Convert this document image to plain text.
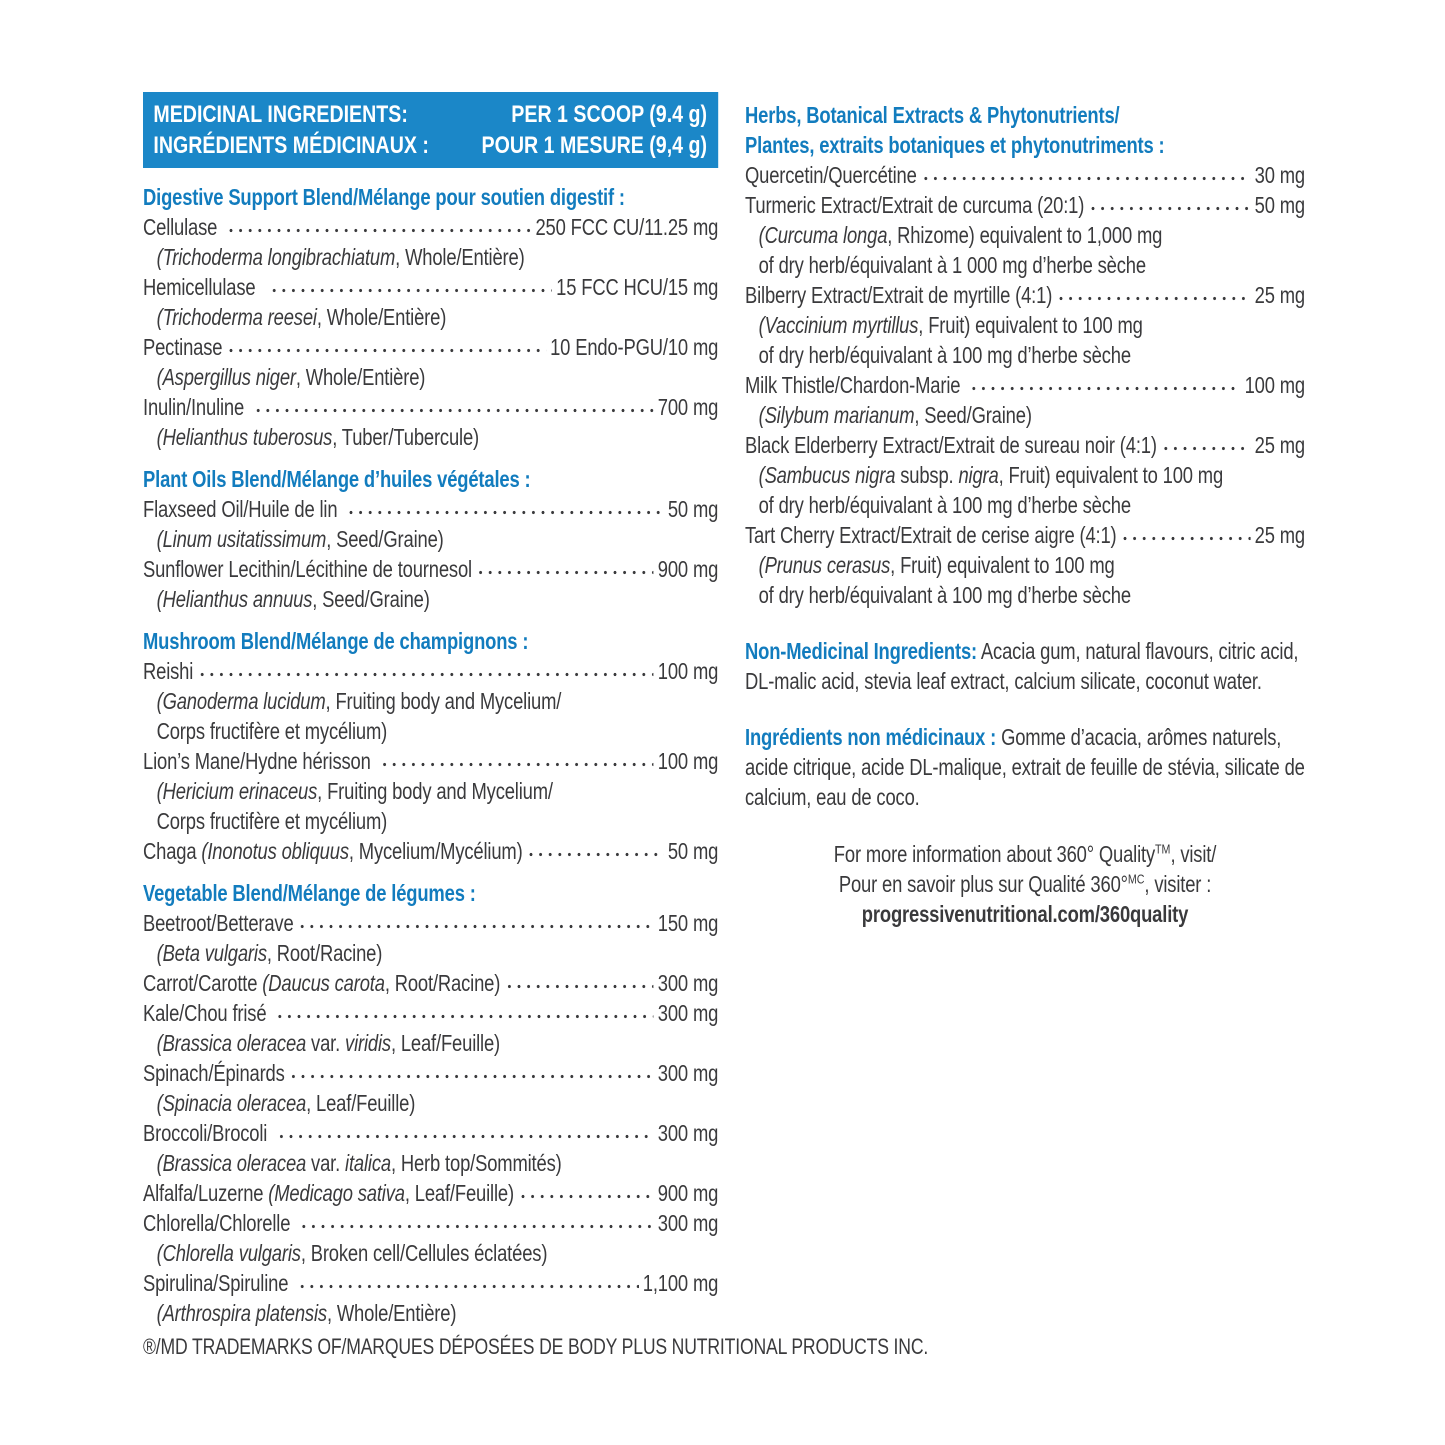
MEDICINAL INGREDIENTS:	PER 1 SCOOP (9.4 g)
INGRÉDIENTS MÉDICINAUX : POUR 1 MESURE (9,4 g)
Digestive Support Blend/Mélange pour soutien digestif :
Cellulase	250 FCC CU/11.25 mg
(Trichoderma longibrachiatum, Whole/Entière)
Hemicellulase	15 FCC HCU/15 mg
(Trichoderma reesei, Whole/Entière)
Pectinase	10 Endo-PGU/10 mg
(Aspergillus niger, Whole/Entière)
Inulin/Inuline	700 mg
(Helianthus tuberosus, Tuber/Tubercule)
Plant Oils Blend/Mélange d’huiles végétales :
Flaxseed Oil/Huile de lin	50 mg
(Linum usitatissimum, Seed/Graine)
Sunflower Lecithin/Lécithine de tournesol	900 mg
(Helianthus annuus, Seed/Graine)
Mushroom Blend/Mélange de champignons :
Reishi	100 mg
(Ganoderma lucidum, Fruiting body and Mycelium/
Corps fructifère et mycélium)
Lion’s Mane/Hydne hérisson	100 mg
(Hericium erinaceus, Fruiting body and Mycelium/
Corps fructifère et mycélium)
Chaga (Inonotus obliquus, Mycelium/Mycélium)	50 mg
Vegetable Blend/Mélange de légumes :
Beetroot/Betterave	150 mg
(Beta vulgaris, Root/Racine)
Carrot/Carotte (Daucus carota, Root/Racine)	300 mg
Kale/Chou frisé	300 mg
(Brassica oleracea var. viridis, Leaf/Feuille)
Spinach/Épinards	300 mg
(Spinacia oleracea, Leaf/Feuille)
Broccoli/Brocoli	300 mg
(Brassica oleracea var. italica, Herb top/Sommités)
Alfalfa/Luzerne (Medicago sativa, Leaf/Feuille)	900 mg
Chlorella/Chlorelle	300 mg
(Chlorella vulgaris, Broken cell/Cellules éclatées)
Spirulina/Spiruline	1,100 mg
(Arthrospira platensis, Whole/Entière)
Herbs, Botanical Extracts & Phytonutrients/
Plantes, extraits botaniques et phytonutriments :
Quercetin/Quercétine	30 mg
Turmeric Extract/Extrait de curcuma (20:1)	50 mg
(Curcuma longa, Rhizome) equivalent to 1,000 mg
of dry herb/équivalant à 1 000 mg d’herbe sèche
Bilberry Extract/Extrait de myrtille (4:1)	25 mg
(Vaccinium myrtillus, Fruit) equivalent to 100 mg
of dry herb/équivalant à 100 mg d’herbe sèche
Milk Thistle/Chardon-Marie	100 mg
(Silybum marianum, Seed/Graine)
Black Elderberry Extract/Extrait de sureau noir (4:1)	25 mg
(Sambucus nigra subsp. nigra, Fruit) equivalent to 100 mg
of dry herb/équivalant à 100 mg d’herbe sèche
Tart Cherry Extract/Extrait de cerise aigre (4:1)	25 mg
(Prunus cerasus, Fruit) equivalent to 100 mg
of dry herb/équivalant à 100 mg d’herbe sèche
Non-Medicinal Ingredients: Acacia gum, natural flavours, citric acid, DL-malic acid, stevia leaf extract, calcium silicate, coconut water.
Ingrédients non médicinaux : Gomme d’acacia, arômes naturels, acide citrique, acide DL-malique, extrait de feuille de stévia, silicate de calcium, eau de coco.
For more information about 360° Quality™, visit/
Pour en savoir plus sur Qualité 360°$^{MC}$, visiter :
progressivenutritional.com/360quality
®/MD TRADEMARKS OF/MARQUES DÉPOSÉES DE BODY PLUS NUTRITIONAL PRODUCTS INC.
